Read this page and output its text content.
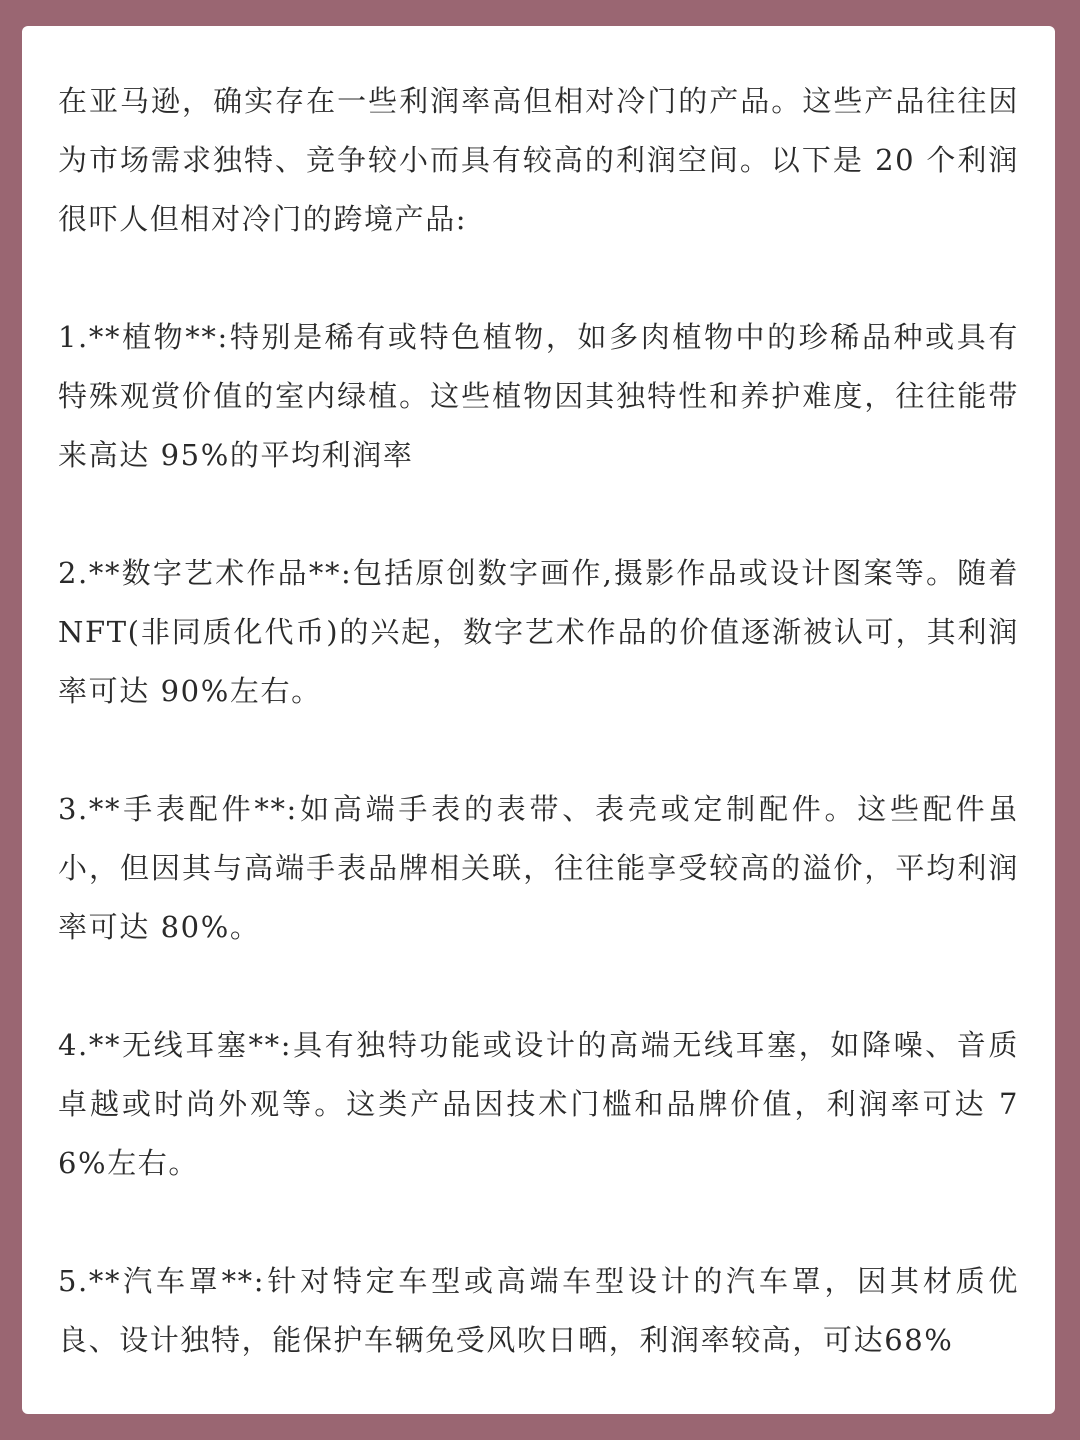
在亚马逊，确实存在一些利润率高但相对冷门的产品。这些产品往往因为市场需求独特、竞争较小而具有较高的利润空间。以下是 20 个利润很吓人但相对冷门的跨境产品:

1.**植物**:特别是稀有或特色植物，如多肉植物中的珍稀品种或具有特殊观赏价值的室内绿植。这些植物因其独特性和养护难度，往往能带来高达 95%的平均利润率

2.**数字艺术作品**:包括原创数字画作,摄影作品或设计图案等。随着 NFT(非同质化代币)的兴起，数字艺术作品的价值逐渐被认可，其利润率可达 90%左右。

3.**手表配件**:如高端手表的表带、表壳或定制配件。这些配件虽小，但因其与高端手表品牌相关联，往往能享受较高的溢价，平均利润率可达 80%。

4.**无线耳塞**:具有独特功能或设计的高端无线耳塞，如降噪、音质卓越或时尚外观等。这类产品因技术门槛和品牌价值，利润率可达 76%左右。

5.**汽车罩**:针对特定车型或高端车型设计的汽车罩，因其材质优良、设计独特，能保护车辆免受风吹日晒，利润率较高，可达68%
